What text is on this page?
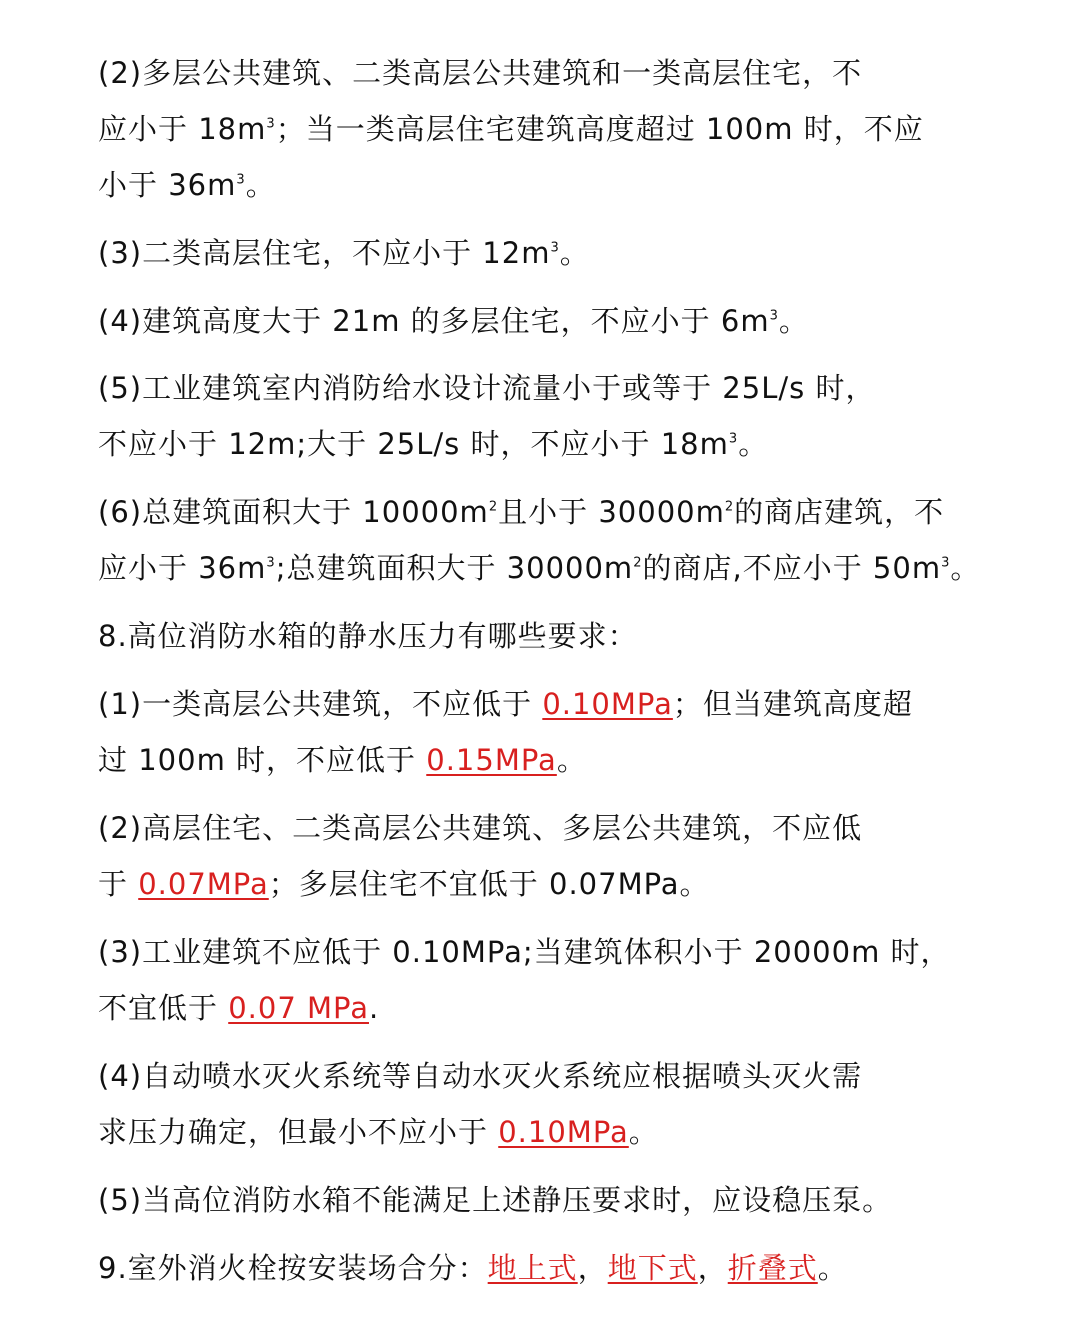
(2)多层公共建筑、二类高层公共建筑和一类高层住宅，不
应小于 $18m^3$；当一类高层住宅建筑高度超过 100m 时，不应
小于 $36m^3$。
(3)二类高层住宅，不应小于 $12m^3$。
(4)建筑高度大于 21m 的多层住宅，不应小于 $6m^3$。
(5)工业建筑室内消防给水设计流量小于或等于 25L/s 时，
不应小于 12m;大于 25L/s 时，不应小于 $18m^3$。
(6)总建筑面积大于 $10000m^2$且小于 $30000m^2$的商店建筑，不
应小于 $36m^3$;总建筑面积大于 $30000m^2$的商店,不应小于 $50m^3$。
8.高位消防水箱的静水压力有哪些要求：
(1)一类高层公共建筑，不应低于 0.10MPa；但当建筑高度超
过 100m 时，不应低于 0.15MPa。
(2)高层住宅、二类高层公共建筑、多层公共建筑，不应低
于 0.07MPa；多层住宅不宜低于 0.07MPa。
(3)工业建筑不应低于 0.10MPa;当建筑体积小于 20000m 时，
不宜低于 0.07 MPa.
(4)自动喷水灭火系统等自动水灭火系统应根据喷头灭火需
求压力确定，但最小不应小于 0.10MPa。
(5)当高位消防水箱不能满足上述静压要求时，应设稳压泵。
9.室外消火栓按安装场合分：地上式，地下式，折叠式。
